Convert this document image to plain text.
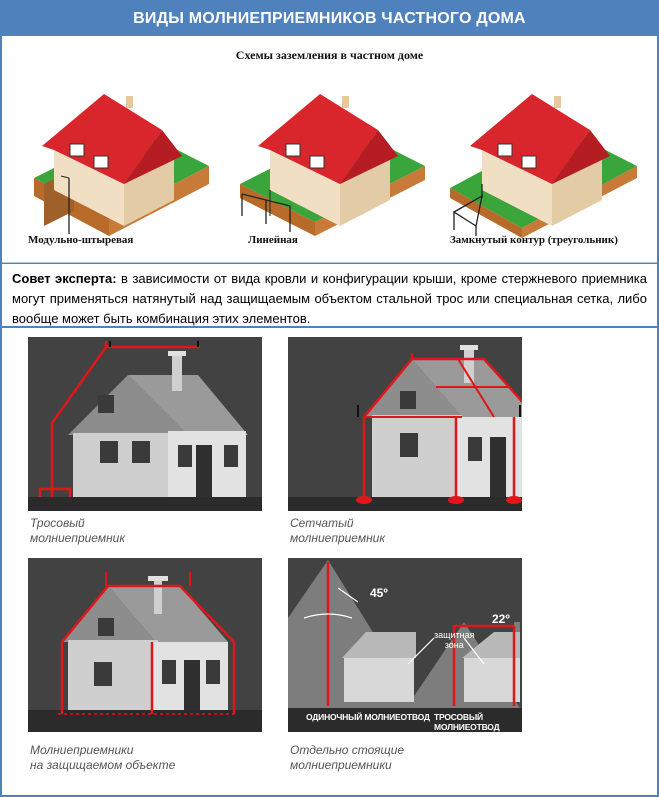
ВИДЫ МОЛНИЕПРИЕМНИКОВ ЧАСТНОГО ДОМА
Схемы заземления в частном доме
Модульно-штыревая	Линейная	Замкнутый контур (треугольник)

Совет эксперта: в зависимости от вида кровли и конфигурации крыши, кроме стержневого приемника могут применяться натянутый над защищаемым объектом стальной трос или специальная сетка, либо вообще может быть комбинация этих элементов.

Тросовый
молниеприемник
Сетчатый
молниеприемник
Молниеприемники
на защищаемом объекте
45º
22º
защитная
зона
ОДИНОЧНЫЙ МОЛНИЕОТВОД ТРОСОВЫЙ МОЛНИЕОТВОД
Отдельно стоящие
молниеприемники
